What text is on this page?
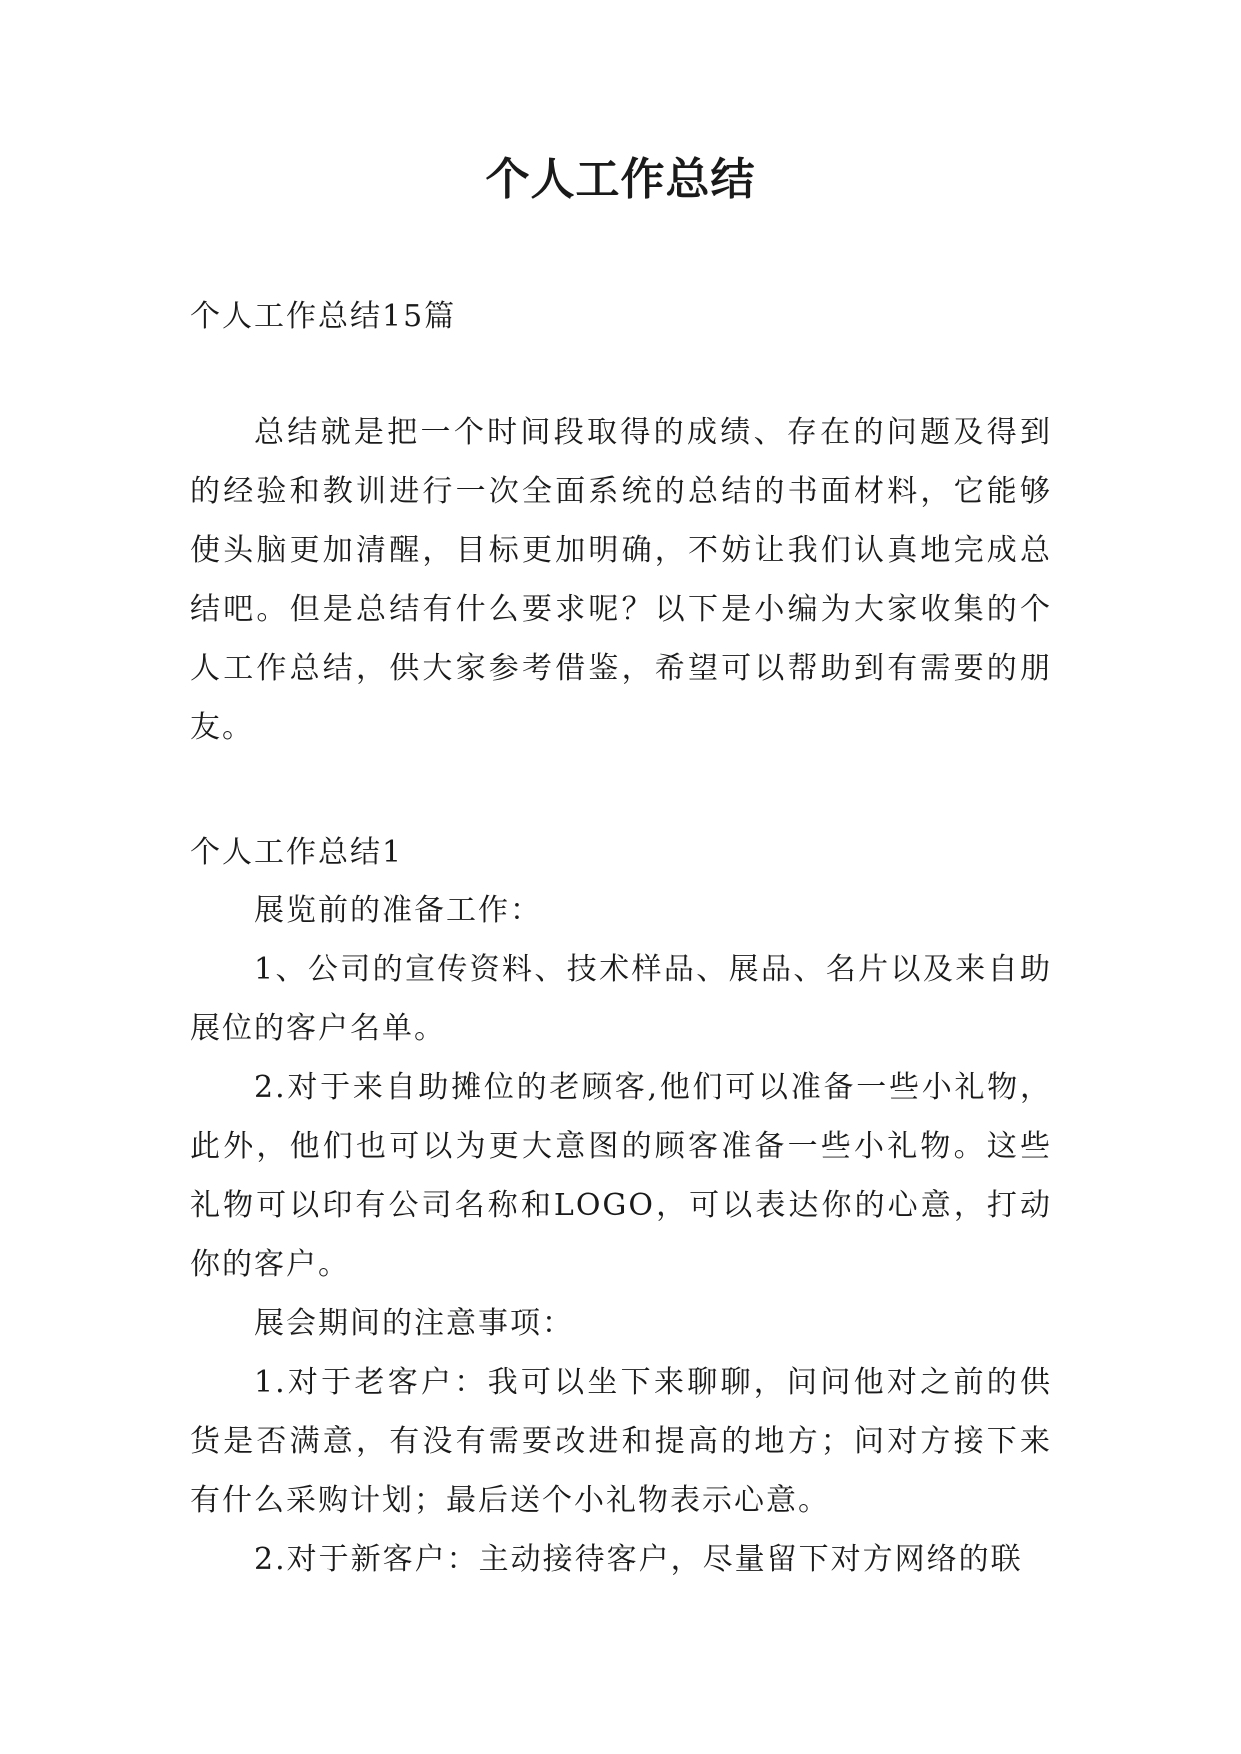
个人工作总结

个人工作总结15篇

总结就是把一个时间段取得的成绩、存在的问题及得到的经验和教训进行一次全面系统的总结的书面材料，它能够使头脑更加清醒，目标更加明确，不妨让我们认真地完成总结吧。但是总结有什么要求呢？以下是小编为大家收集的个人工作总结，供大家参考借鉴，希望可以帮助到有需要的朋友。

个人工作总结1

展览前的准备工作：

1、公司的宣传资料、技术样品、展品、名片以及来自助展位的客户名单。

2.对于来自助摊位的老顾客,他们可以准备一些小礼物，此外，他们也可以为更大意图的顾客准备一些小礼物。这些礼物可以印有公司名称和LOGO，可以表达你的心意，打动你的客户。

展会期间的注意事项：

1.对于老客户：我可以坐下来聊聊，问问他对之前的供货是否满意，有没有需要改进和提高的地方；问对方接下来有什么采购计划；最后送个小礼物表示心意。

2.对于新客户：主动接待客户，尽量留下对方网络的联
